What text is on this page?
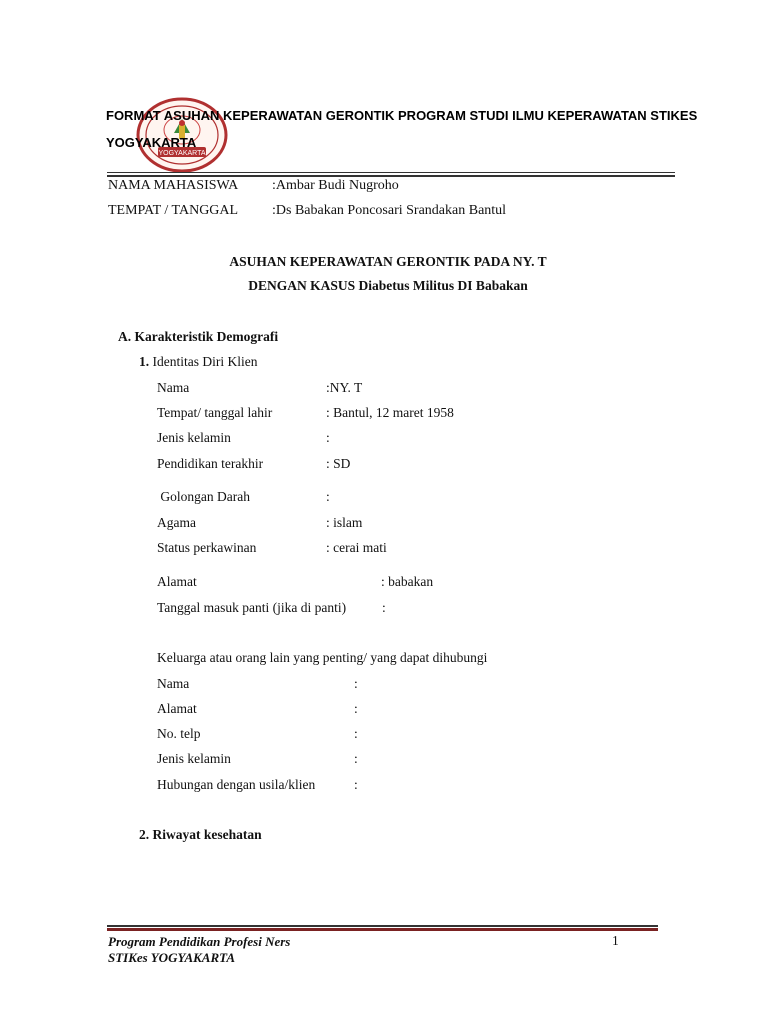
YOGYAKARTA
FORMAT ASUHAN KEPERAWATAN GERONTIK PROGRAM STUDI ILMU KEPERAWATAN STIKES
YOGYAKARTA
NAMA MAHASISWA :Ambar Budi Nugroho
TEMPAT / TANGGAL :Ds Babakan Poncosari Srandakan Bantul
ASUHAN KEPERAWATAN GERONTIK PADA NY. T
DENGAN KASUS Diabetus Militus DI Babakan
A. Karakteristik Demografi
1. Identitas Diri Klien
Nama	:NY. T
Tempat/ tanggal lahir	: Bantul, 12 maret 1958
Jenis kelamin	:
Pendidikan terakhir	: SD
Golongan Darah	:
Agama	: islam
Status perkawinan	: cerai mati
Alamat	: babakan
Tanggal masuk panti (jika di panti)	:
Keluarga atau orang lain yang penting/ yang dapat dihubungi
Nama	:
Alamat	:
No. telp	:
Jenis kelamin	:
Hubungan dengan usila/klien	:
2. Riwayat kesehatan
Program Pendidikan Profesi Ners
STIKes YOGYAKARTA
1
